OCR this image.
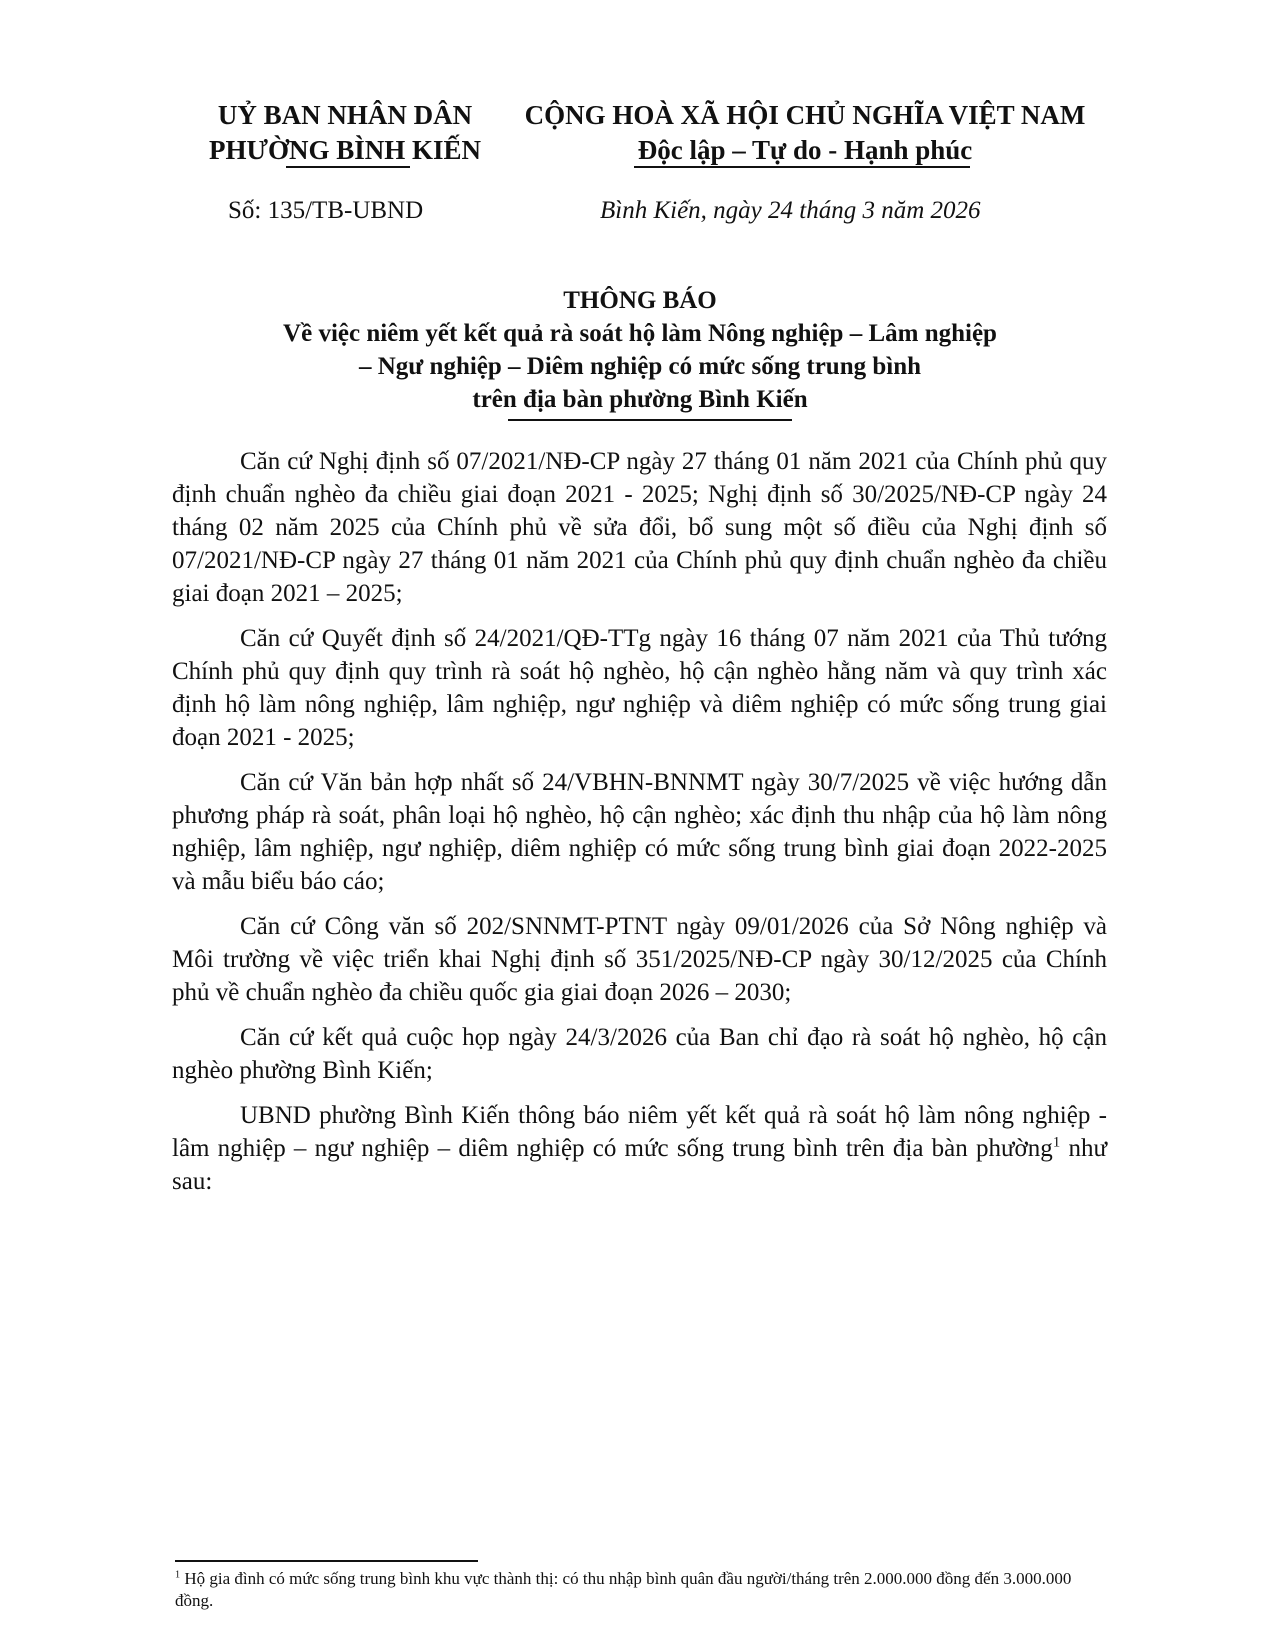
UỶ BAN NHÂN DÂN
PHƯỜNG BÌNH KIẾN
CỘNG HOÀ XÃ HỘI CHỦ NGHĨA VIỆT NAM
Độc lập – Tự do - Hạnh phúc
Số: 135/TB-UBND	Bình Kiến, ngày 24 tháng 3 năm 2026
THÔNG BÁO
Về việc niêm yết kết quả rà soát hộ làm Nông nghiệp – Lâm nghiệp
– Ngư nghiệp – Diêm nghiệp có mức sống trung bình
trên địa bàn phường Bình Kiến

Căn cứ Nghị định số 07/2021/NĐ-CP ngày 27 tháng 01 năm 2021 của Chính phủ quy định chuẩn nghèo đa chiều giai đoạn 2021 - 2025; Nghị định số 30/2025/NĐ-CP ngày 24 tháng 02 năm 2025 của Chính phủ về sửa đổi, bổ sung một số điều của Nghị định số 07/2021/NĐ-CP ngày 27 tháng 01 năm 2021 của Chính phủ quy định chuẩn nghèo đa chiều giai đoạn 2021 – 2025;

Căn cứ Quyết định số 24/2021/QĐ-TTg ngày 16 tháng 07 năm 2021 của Thủ tướng Chính phủ quy định quy trình rà soát hộ nghèo, hộ cận nghèo hằng năm và quy trình xác định hộ làm nông nghiệp, lâm nghiệp, ngư nghiệp và diêm nghiệp có mức sống trung giai đoạn 2021 - 2025;

Căn cứ Văn bản hợp nhất số 24/VBHN-BNNMT ngày 30/7/2025 về việc hướng dẫn phương pháp rà soát, phân loại hộ nghèo, hộ cận nghèo; xác định thu nhập của hộ làm nông nghiệp, lâm nghiệp, ngư nghiệp, diêm nghiệp có mức sống trung bình giai đoạn 2022-2025 và mẫu biểu báo cáo;

Căn cứ Công văn số 202/SNNMT-PTNT ngày 09/01/2026 của Sở Nông nghiệp và Môi trường về việc triển khai Nghị định số 351/2025/NĐ-CP ngày 30/12/2025 của Chính phủ về chuẩn nghèo đa chiều quốc gia giai đoạn 2026 – 2030;

Căn cứ kết quả cuộc họp ngày 24/3/2026 của Ban chỉ đạo rà soát hộ nghèo, hộ cận nghèo phường Bình Kiến;

UBND phường Bình Kiến thông báo niêm yết kết quả rà soát hộ làm nông nghiệp - lâm nghiệp – ngư nghiệp – diêm nghiệp có mức sống trung bình trên địa bàn phường$^1$ như sau:

$^1$ Hộ gia đình có mức sống trung bình khu vực thành thị: có thu nhập bình quân đầu người/tháng trên 2.000.000 đồng đến 3.000.000 đồng.
